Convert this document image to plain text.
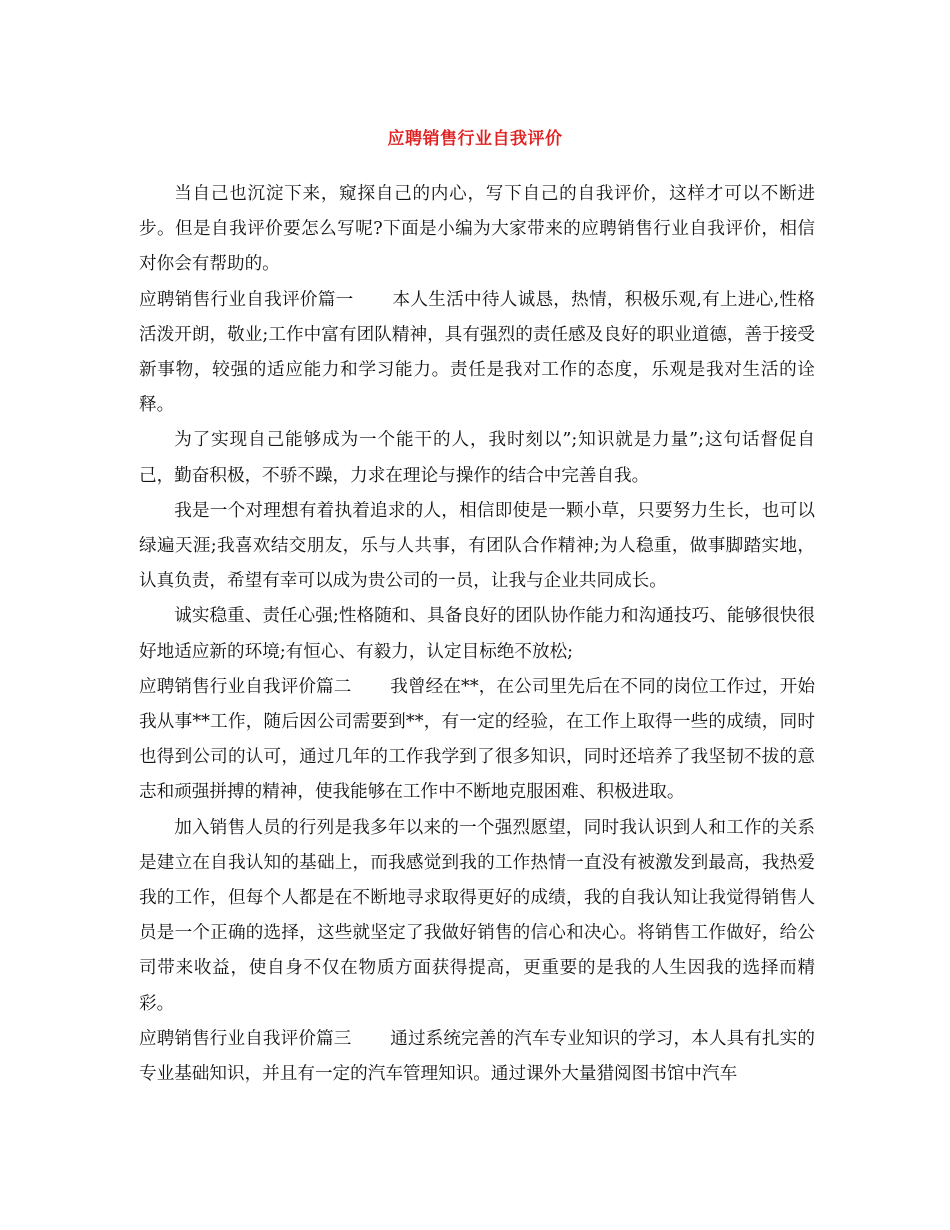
应聘销售行业自我评价

当自己也沉淀下来，窥探自己的内心，写下自己的自我评价，这样才可以不断进步。但是自我评价要怎么写呢?下面是小编为大家带来的应聘销售行业自我评价，相信对你会有帮助的。

应聘销售行业自我评价篇一 本人生活中待人诚恳，热情，积极乐观,有上进心,性格活泼开朗，敬业;工作中富有团队精神，具有强烈的责任感及良好的职业道德，善于接受新事物，较强的适应能力和学习能力。责任是我对工作的态度，乐观是我对生活的诠释。

为了实现自己能够成为一个能干的人，我时刻以”;知识就是力量”;这句话督促自己，勤奋积极，不骄不躁，力求在理论与操作的结合中完善自我。

我是一个对理想有着执着追求的人，相信即使是一颗小草，只要努力生长，也可以绿遍天涯;我喜欢结交朋友，乐与人共事，有团队合作精神;为人稳重，做事脚踏实地，认真负责，希望有幸可以成为贵公司的一员，让我与企业共同成长。

诚实稳重、责任心强;性格随和、具备良好的团队协作能力和沟通技巧、能够很快很好地适应新的环境;有恒心、有毅力，认定目标绝不放松;

应聘销售行业自我评价篇二 我曾经在**，在公司里先后在不同的岗位工作过，开始我从事**工作，随后因公司需要到**，有一定的经验，在工作上取得一些的成绩，同时也得到公司的认可，通过几年的工作我学到了很多知识，同时还培养了我坚韧不拔的意志和顽强拼搏的精神，使我能够在工作中不断地克服困难、积极进取。

加入销售人员的行列是我多年以来的一个强烈愿望，同时我认识到人和工作的关系是建立在自我认知的基础上，而我感觉到我的工作热情一直没有被激发到最高，我热爱我的工作，但每个人都是在不断地寻求取得更好的成绩，我的自我认知让我觉得销售人员是一个正确的选择，这些就坚定了我做好销售的信心和决心。将销售工作做好，给公司带来收益，使自身不仅在物质方面获得提高，更重要的是我的人生因我的选择而精彩。

应聘销售行业自我评价篇三 通过系统完善的汽车专业知识的学习，本人具有扎实的专业基础知识，并且有一定的汽车管理知识。通过课外大量猎阅图书馆中汽车
